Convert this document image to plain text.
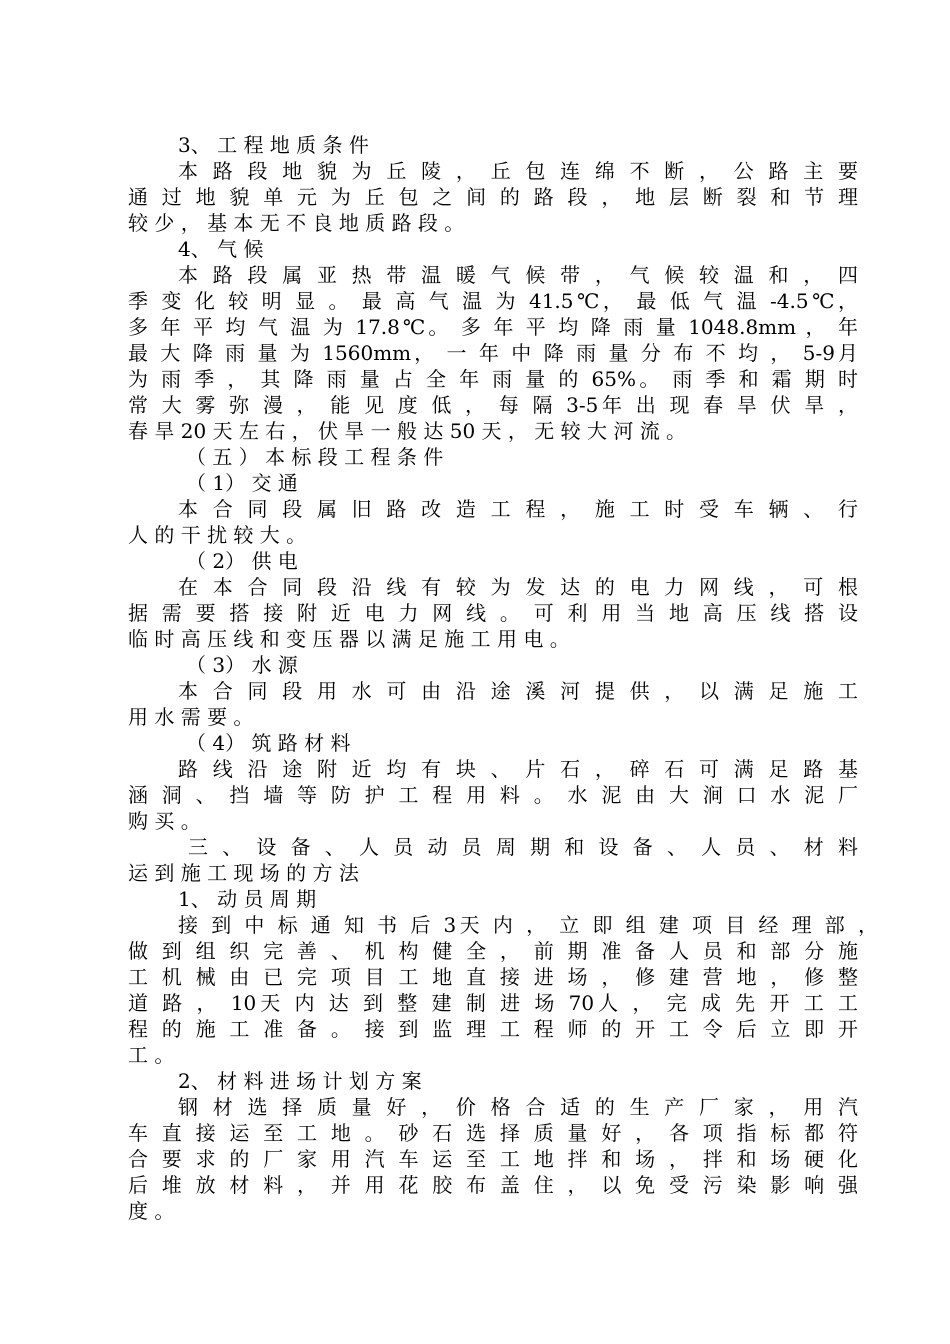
3、 工 程 地 质 条 件
本 路 段 地 貌 为 丘 陵 ， 丘 包 连 绵 不 断 ， 公 路 主 要
通 过 地 貌 单 元 为 丘 包 之 间 的 路 段 ， 地 层 断 裂 和 节 理
较 少 ， 基 本 无 不 良 地 质 路 段 。
4、 气 候
本 路 段 属 亚 热 带 温 暖 气 候 带 ， 气 候 较 温 和 ， 四
季 变 化 较 明 显 。 最 高 气 温 为 41.5℃， 最 低 气 温 -4.5℃，
多 年 平 均 气 温 为 17.8℃。 多 年 平 均 降 雨 量 1048.8mm ， 年
最 大 降 雨 量 为 1560mm， 一 年 中 降 雨 量 分 布 不 均 ， 5-9月
为 雨 季 ， 其 降 雨 量 占 全 年 雨 量 的 65%。 雨 季 和 霜 期 时
常 大 雾 弥 漫 ， 能 见 度 低 ， 每 隔 3-5年 出 现 春 旱 伏 旱 ，
春 旱 20 天 左 右 ， 伏 旱 一 般 达 50 天 ， 无 较 大 河 流 。
（ 五 ） 本 标 段 工 程 条 件
（ 1） 交 通
本 合 同 段 属 旧 路 改 造 工 程 ， 施 工 时 受 车 辆 、 行
人 的 干 扰 较 大 。
（ 2） 供 电
在 本 合 同 段 沿 线 有 较 为 发 达 的 电 力 网 线 ， 可 根
据 需 要 搭 接 附 近 电 力 网 线 。 可 利 用 当 地 高 压 线 搭 设
临 时 高 压 线 和 变 压 器 以 满 足 施 工 用 电 。
（ 3） 水 源
本 合 同 段 用 水 可 由 沿 途 溪 河 提 供 ， 以 满 足 施 工
用 水 需 要 。
（ 4） 筑 路 材 料
路 线 沿 途 附 近 均 有 块 、 片 石 ， 碎 石 可 满 足 路 基
涵 洞 、 挡 墙 等 防 护 工 程 用 料 。 水 泥 由 大 涧 口 水 泥 厂
购 买 。
三 、 设 备 、 人 员 动 员 周 期 和 设 备 、 人 员 、 材 料
运 到 施 工 现 场 的 方 法
1、 动 员 周 期
接 到 中 标 通 知 书 后 3天 内 ， 立 即 组 建 项 目 经 理 部 ，
做 到 组 织 完 善 、 机 构 健 全 ， 前 期 准 备 人 员 和 部 分 施
工 机 械 由 已 完 项 目 工 地 直 接 进 场 ， 修 建 营 地 ， 修 整
道 路 ， 10天 内 达 到 整 建 制 进 场 70人 ， 完 成 先 开 工 工
程 的 施 工 准 备 。 接 到 监 理 工 程 师 的 开 工 令 后 立 即 开
工 。
2、 材 料 进 场 计 划 方 案
钢 材 选 择 质 量 好 ， 价 格 合 适 的 生 产 厂 家 ， 用 汽
车 直 接 运 至 工 地 。 砂 石 选 择 质 量 好 ， 各 项 指 标 都 符
合 要 求 的 厂 家 用 汽 车 运 至 工 地 拌 和 场 ， 拌 和 场 硬 化
后 堆 放 材 料 ， 并 用 花 胶 布 盖 住 ， 以 免 受 污 染 影 响 强
度 。
